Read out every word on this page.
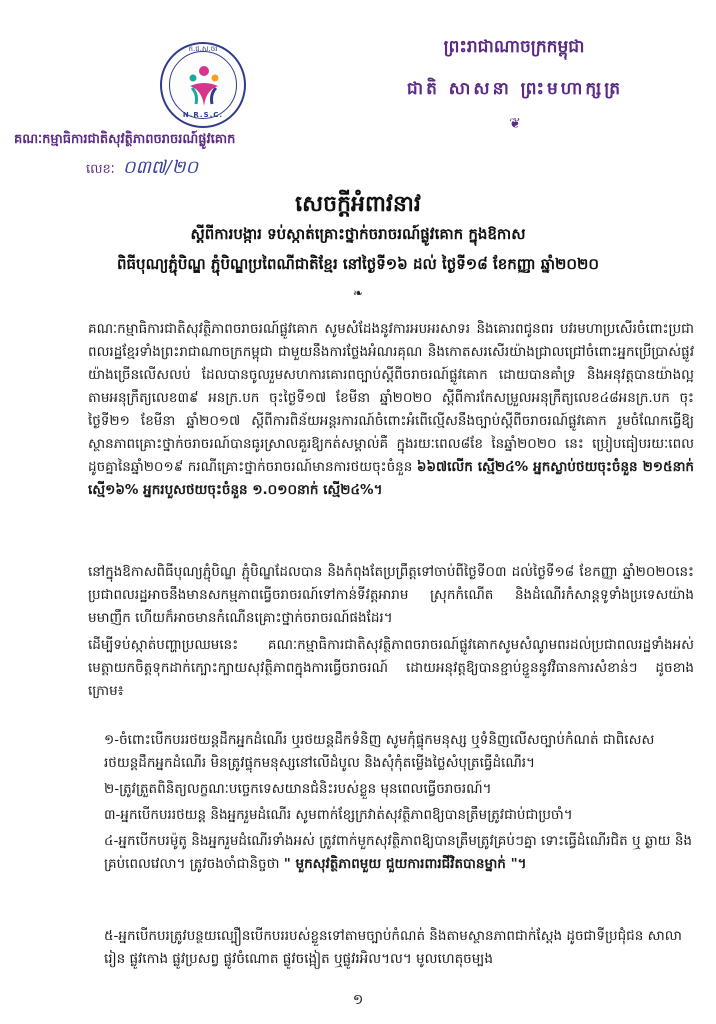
ក.ជ.ស.ចរ
N.R.S.C.
ព្រះរាជាណាចក្រកម្ពុជា
ជាតិ សាសនា ព្រះមហាក្សត្រ
❦
គណៈកម្មាធិការជាតិសុវត្ថិភាពចរាចរណ៍ផ្លូវគោក
លេខៈ ០៣៧/២០
សេចក្តីអំពាវនាវ
ស្តីពីការបង្ការ ទប់ស្កាត់គ្រោះថ្នាក់ចរាចរណ៍ផ្លូវគោក ក្នុងឱកាស
ពិធីបុណ្យភ្ជុំបិណ្ឌ ភ្ជុំបិណ្ឌប្រពៃណីជាតិខ្មែរ នៅថ្ងៃទី១៦ ដល់ ថ្ងៃទី១៨ ខែកញ្ញា ឆ្នាំ២០២០
❧
គណៈកម្មាធិការជាតិសុវត្ថិភាពចរាចរណ៍ផ្លូវគោក សូមសំដែងនូវការអបអរសាទរ និងគោរពជូនពរ បវរមហាប្រសើរចំពោះប្រជាពលរដ្ឋខ្មែរទាំងព្រះរាជាណាចក្រកម្ពុជា ជាមួយនឹងការថ្លែងអំណរគុណ និងកោតសរសើរយ៉ាងជ្រាលជ្រៅចំពោះអ្នកប្រើប្រាស់ផ្លូវយ៉ាងច្រើនលើសលប់ ដែលបានចូលរួមសហការគោរពច្បាប់ស្តីពីចរាចរណ៍ផ្លូវគោក ដោយបានគាំទ្រ និងអនុវត្តបានយ៉ាងល្អតាមអនុក្រឹត្យលេខ៣៩ អនក្រ.បក ចុះថ្ងៃទី១៧ ខែមីនា ឆ្នាំ២០២០ ស្តីពីការកែសម្រួលអនុក្រឹត្យលេខ៤៨អនក្រ.បក ចុះថ្ងៃទី២១ ខែមីនា ឆ្នាំ២០១៧ ស្តីពីការពិន័យអន្តរការណ៍ចំពោះអំពើល្មើសនឹងច្បាប់ស្តីពីចរាចរណ៍ផ្លូវគោក រួមចំណែកធ្វើឱ្យស្ថានភាពគ្រោះថ្នាក់ចរាចរណ៍បានធូរស្រាលគួរឱ្យកត់សម្គាល់គឺ ក្នុងរយៈពេល៨ខែ នៃឆ្នាំ២០២០ នេះ ប្រៀបធៀបរយៈពេលដូចគ្នានៃឆ្នាំ២០១៩ ករណីគ្រោះថ្នាក់ចរាចរណ៍មានការថយចុះចំនួន ៦៦៧លើក ស្មើ២៤% អ្នកស្លាប់ថយចុះចំនួន ២១៥នាក់ ស្មើ១៦% អ្នករបួសថយចុះចំនួន ១.០១០នាក់ ស្មើ២៤%។
នៅក្នុងឱកាសពិធីបុណ្យភ្ជុំបិណ្ឌ ភ្ជុំបិណ្ឌដែលបាន និងកំពុងតែប្រព្រឹត្តទៅចាប់ពីថ្ងៃទី០៣ ដល់ថ្ងៃទី១៨ ខែកញ្ញា ឆ្នាំ២០២០នេះ ប្រជាពលរដ្ឋអាចនឹងមានសកម្មភាពធ្វើចរាចរណ៍ទៅកាន់ទីវត្តអារាម ស្រុកកំណើត និងដំណើរកំសាន្តទូទាំងប្រទេសយ៉ាងមមាញឹក ហើយក៏អាចមានកំណើនគ្រោះថ្នាក់ចរាចរណ៍ផងដែរ។
ដើម្បីទប់ស្កាត់បញ្ហាប្រឈមនេះ គណៈកម្មាធិការជាតិសុវត្ថិភាពចរាចរណ៍ផ្លូវគោកសូមសំណូមពរដល់ប្រជាពលរដ្ឋទាំងអស់មេត្តាយកចិត្តទុកដាក់ក្បោះក្បាយសុវត្ថិភាពក្នុងការធ្វើចរាចរណ៍ ដោយអនុវត្តឱ្យបានខ្ជាប់ខ្ជួននូវវិធានការសំខាន់ៗ ដូចខាងក្រោម៖
១-ចំពោះបើកបររថយន្តដឹកអ្នកដំណើរ ឬរថយន្តដឹកទំនិញ សូមកុំផ្ទុកមនុស្ស ឬទំនិញលើសច្បាប់កំណត់ ជាពិសេសរថយន្តដឹកអ្នកដំណើរ មិនត្រូវផ្ទុកមនុស្សនៅលើដំបូល និងសុំកុំតម្លើងថ្លៃសំបុត្រធ្វើដំណើរ។
២-ត្រូវត្រួតពិនិត្យលក្ខណៈបច្ចេកទេសយានជំនិះរបស់ខ្លួន មុនពេលធ្វើចរាចរណ៍។
៣-អ្នកបើកបររថយន្ត និងអ្នករួមដំណើរ សូមពាក់ខ្សែក្រវាត់សុវត្ថិភាពឱ្យបានត្រឹមត្រូវជាប់ជាប្រចាំ។
៤-អ្នកបើកបរម៉ូតូ និងអ្នករួមដំណើរទាំងអស់ ត្រូវពាក់មួកសុវត្ថិភាពឱ្យបានត្រឹមត្រូវគ្រប់ៗគ្នា ទោះធ្វើដំណើរជិត ឬ ឆ្ងាយ និងគ្រប់ពេលវេលា។ ត្រូវចងចាំជានិច្ចថា " មួកសុវត្ថិភាពមួយ ជួយការពារជីវិតបានម្នាក់ "។
៥-អ្នកបើកបរត្រូវបន្ថយល្បឿនបើកបររបស់ខ្លួនទៅតាមច្បាប់កំណត់ និងតាមស្ថានភាពជាក់ស្តែង ដូចជាទីប្រជុំជន សាលារៀន ផ្លូវកោង ផ្លូវប្រសព្វ ផ្លូវចំណោត ផ្លូវចង្អៀត ឬផ្លូវរអិល។ល។ មូលហេតុចម្បង
១
